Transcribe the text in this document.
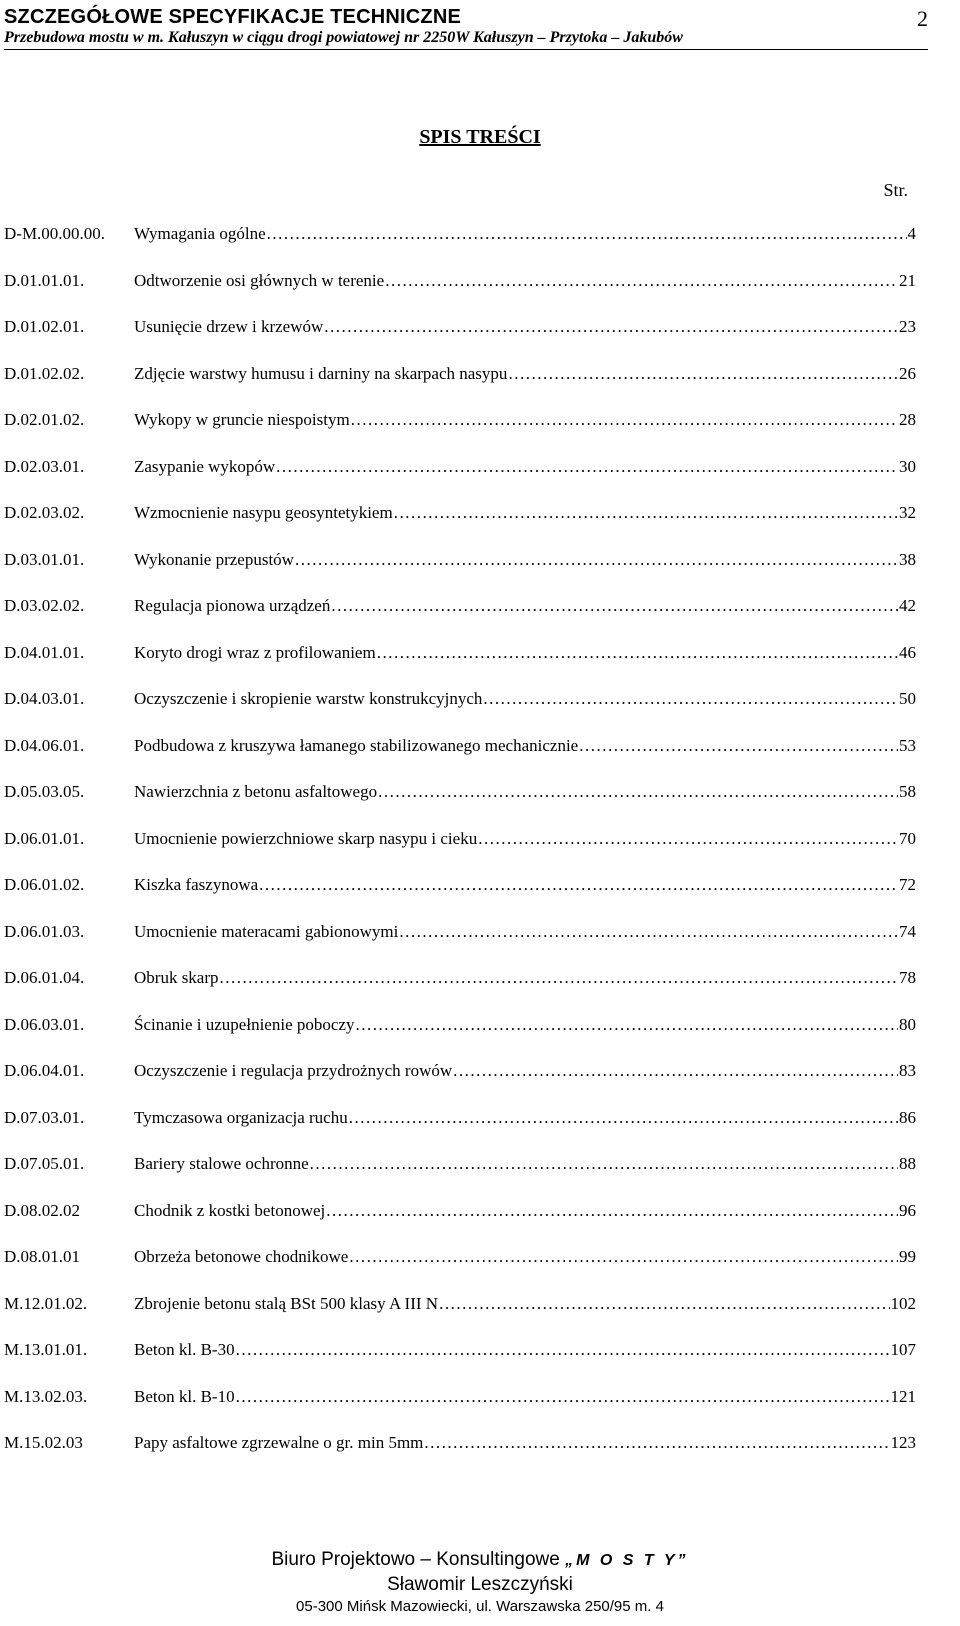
SZCZEGÓŁOWE SPECYFIKACJE TECHNICZNE
Przebudowa mostu w m. Kałuszyn w ciągu drogi powiatowej nr 2250W Kałuszyn – Przytoka – Jakubów
2
SPIS TREŚCI
Str.
D-M.00.00.00.	Wymagania ogólne .....	4
D.01.01.01.	Odtworzenie osi głównych w terenie .....	21
D.01.02.01.	Usunięcie drzew i krzewów .....	23
D.01.02.02.	Zdjęcie warstwy humusu i darniny na skarpach nasypu .....	26
D.02.01.02.	Wykopy w gruncie niespoistym .....	28
D.02.03.01.	Zasypanie wykopów .....	30
D.02.03.02.	Wzmocnienie nasypu geosyntetykiem .....	32
D.03.01.01.	Wykonanie przepustów .....	38
D.03.02.02.	Regulacja pionowa urządzeń .....	42
D.04.01.01.	Koryto drogi wraz z profilowaniem .....	46
D.04.03.01.	Oczyszczenie i skropienie warstw konstrukcyjnych .....	50
D.04.06.01.	Podbudowa z kruszywa łamanego stabilizowanego mechanicznie .....	53
D.05.03.05.	Nawierzchnia z betonu asfaltowego .....	58
D.06.01.01.	Umocnienie powierzchniowe skarp nasypu i cieku .....	70
D.06.01.02.	Kiszka faszynowa .....	72
D.06.01.03.	Umocnienie materacami gabionowymi .....	74
D.06.01.04.	Obruk skarp .....	78
D.06.03.01.	Ścinanie i uzupełnienie poboczy .....	80
D.06.04.01.	Oczyszczenie i regulacja przydrożnych rowów .....	83
D.07.03.01.	Tymczasowa organizacja ruchu .....	86
D.07.05.01.	Bariery stalowe ochronne .....	88
D.08.02.02	Chodnik z kostki betonowej .....	96
D.08.01.01	Obrzeża betonowe chodnikowe .....	99
M.12.01.02.	Zbrojenie betonu stalą BSt 500 klasy A III N .....	102
M.13.01.01.	Beton kl. B-30 .....	107
M.13.02.03.	Beton kl. B-10 .....	121
M.15.02.03	Papy asfaltowe zgrzewalne o gr. min 5mm .....	123
Biuro Projektowo – Konsultingowe „M O S T Y”
Sławomir Leszczyński
05-300 Mińsk Mazowiecki, ul. Warszawska 250/95 m. 4
